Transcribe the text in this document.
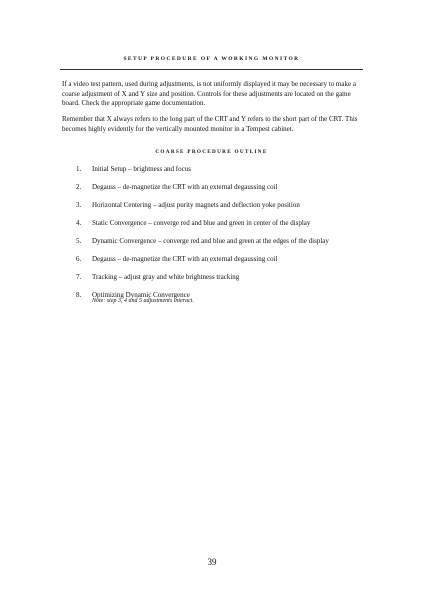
SETUP PROCEDURE OF A WORKING MONITOR
If a video test pattern, used during adjustments, is not uniformly displayed it may be necessary to make a coarse adjustment of X and Y size and position. Controls for these adjustments are located on the game board. Check the appropriate game documentation.
Remember that X always refers to the long part of the CRT and Y refers to the short part of the CRT. This becomes highly evidently for the vertically mounted monitor in a Tempest cabinet.
COARSE PROCEDURE OUTLINE
1.	Initial Setup – brightness and focus
2.	Degauss – de-magnetize the CRT with an external degaussing coil
3.	Horizontal Centering – adjust purity magnets and deflection yoke position
4.	Static Convergence – converge red and blue and green in center of the display
5.	Dynamic Convergence – converge red and blue and green at the edges of the display
6.	Degauss – de-magnetize the CRT with an external degaussing coil
7.	Tracking – adjust gray and white brightness tracking
8.	Optimizing Dynamic Convergence
Note: step 3, 4 and 5 adjustments interact.
39
